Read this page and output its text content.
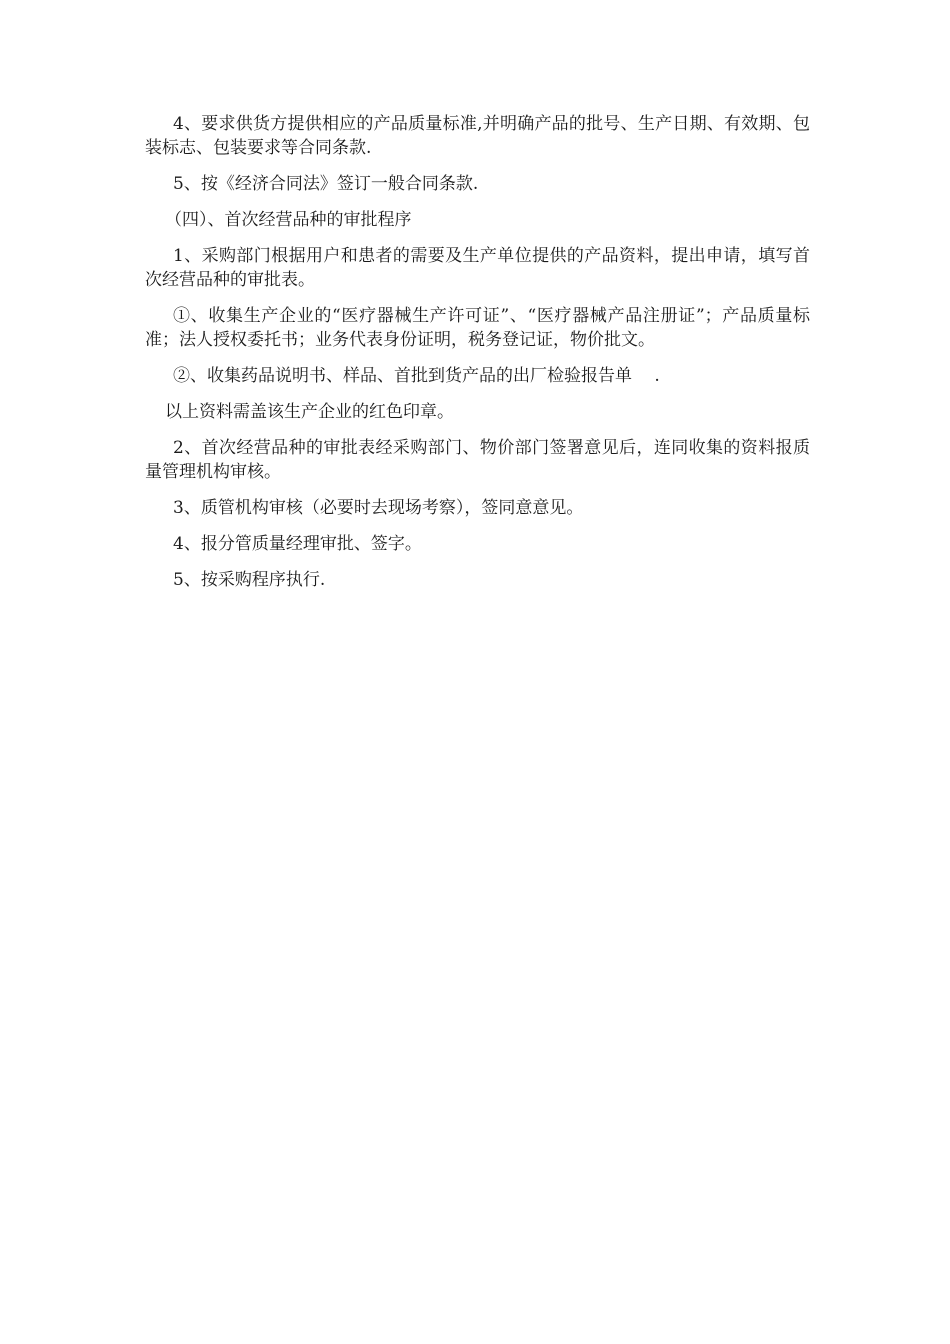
4、要求供货方提供相应的产品质量标准,并明确产品的批号、生产日期、有效期、包装标志、包装要求等合同条款.

5、按《经济合同法》签订一般合同条款.

（四）、首次经营品种的审批程序

1、采购部门根据用户和患者的需要及生产单位提供的产品资料，提出申请，填写首次经营品种的审批表。

①、收集生产企业的“医疗器械生产许可证”、“医疗器械产品注册证”；产品质量标准；法人授权委托书；业务代表身份证明，税务登记证，物价批文。

②、收集药品说明书、样品、首批到货产品的出厂检验报告单　 .

以上资料需盖该生产企业的红色印章。

2、首次经营品种的审批表经采购部门、物价部门签署意见后，连同收集的资料报质量管理机构审核。

3、质管机构审核（必要时去现场考察），签同意意见。

4、报分管质量经理审批、签字。

5、按采购程序执行.
